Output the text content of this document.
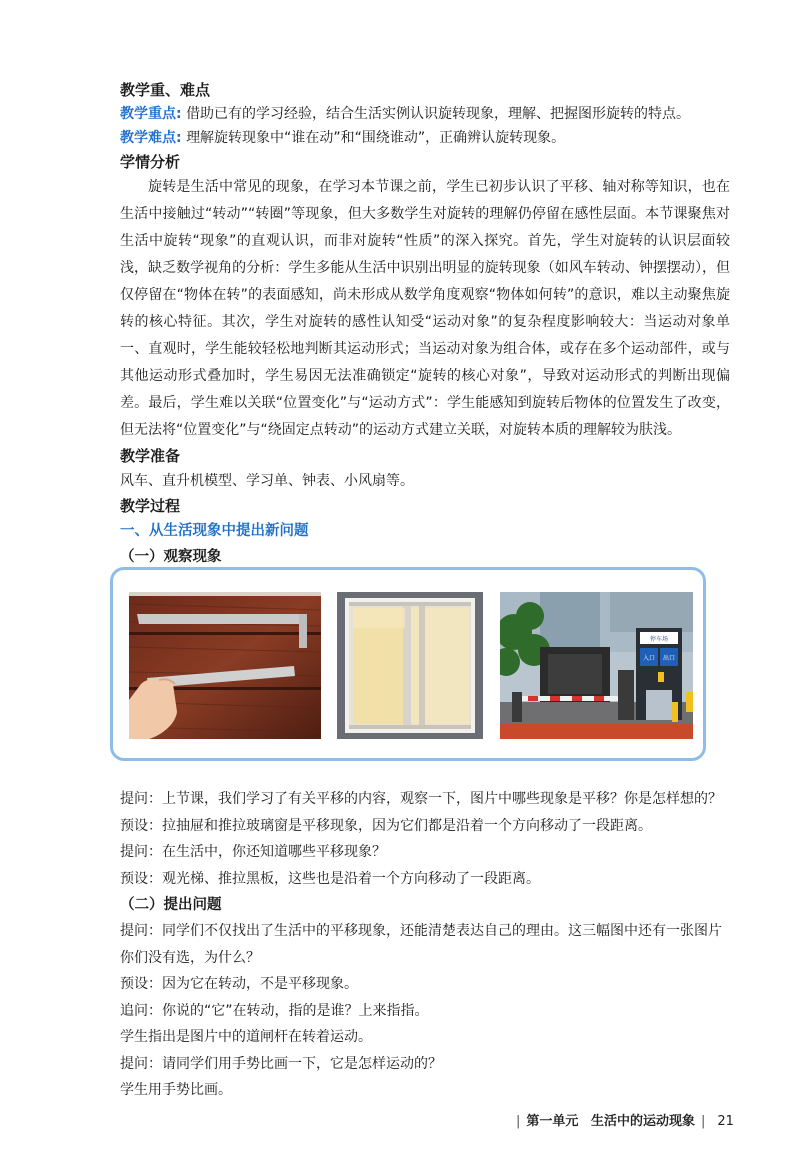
教学重、难点

教学重点: 借助已有的学习经验，结合生活实例认识旋转现象，理解、把握图形旋转的特点。

教学难点: 理解旋转现象中“谁在动”和“围绕谁动”，正确辨认旋转现象。

学情分析

旋转是生活中常见的现象，在学习本节课之前，学生已初步认识了平移、轴对称等知识，也在生活中接触过“转动”“转圈”等现象，但大多数学生对旋转的理解仍停留在感性层面。本节课聚焦对生活中旋转“现象”的直观认识，而非对旋转“性质”的深入探究。首先，学生对旋转的认识层面较浅，缺乏数学视角的分析：学生多能从生活中识别出明显的旋转现象（如风车转动、钟摆摆动），但仅停留在“物体在转”的表面感知，尚未形成从数学角度观察“物体如何转”的意识，难以主动聚焦旋转的核心特征。其次，学生对旋转的感性认知受“运动对象”的复杂程度影响较大：当运动对象单一、直观时，学生能较轻松地判断其运动形式；当运动对象为组合体，或存在多个运动部件，或与其他运动形式叠加时，学生易因无法准确锁定“旋转的核心对象”，导致对运动形式的判断出现偏差。最后，学生难以关联“位置变化”与“运动方式”：学生能感知到旋转后物体的位置发生了改变，但无法将“位置变化”与“绕固定点转动”的运动方式建立关联，对旋转本质的理解较为肤浅。

教学准备

风车、直升机模型、学习单、钟表、小风扇等。

教学过程

一、从生活现象中提出新问题

（一）观察现象

停车场
入口 出口

提问：上节课，我们学习了有关平移的内容，观察一下，图片中哪些现象是平移？你是怎样想的？

预设：拉抽屉和推拉玻璃窗是平移现象，因为它们都是沿着一个方向移动了一段距离。

提问：在生活中，你还知道哪些平移现象？

预设：观光梯、推拉黑板，这些也是沿着一个方向移动了一段距离。

（二）提出问题

提问：同学们不仅找出了生活中的平移现象，还能清楚表达自己的理由。这三幅图中还有一张图片你们没有选，为什么？

预设：因为它在转动，不是平移现象。

追问：你说的“它”在转动，指的是谁？上来指指。

学生指出是图片中的道闸杆在转着运动。

提问：请同学们用手势比画一下，它是怎样运动的？

学生用手势比画。

| 第一单元 生活中的运动现象 | 21
